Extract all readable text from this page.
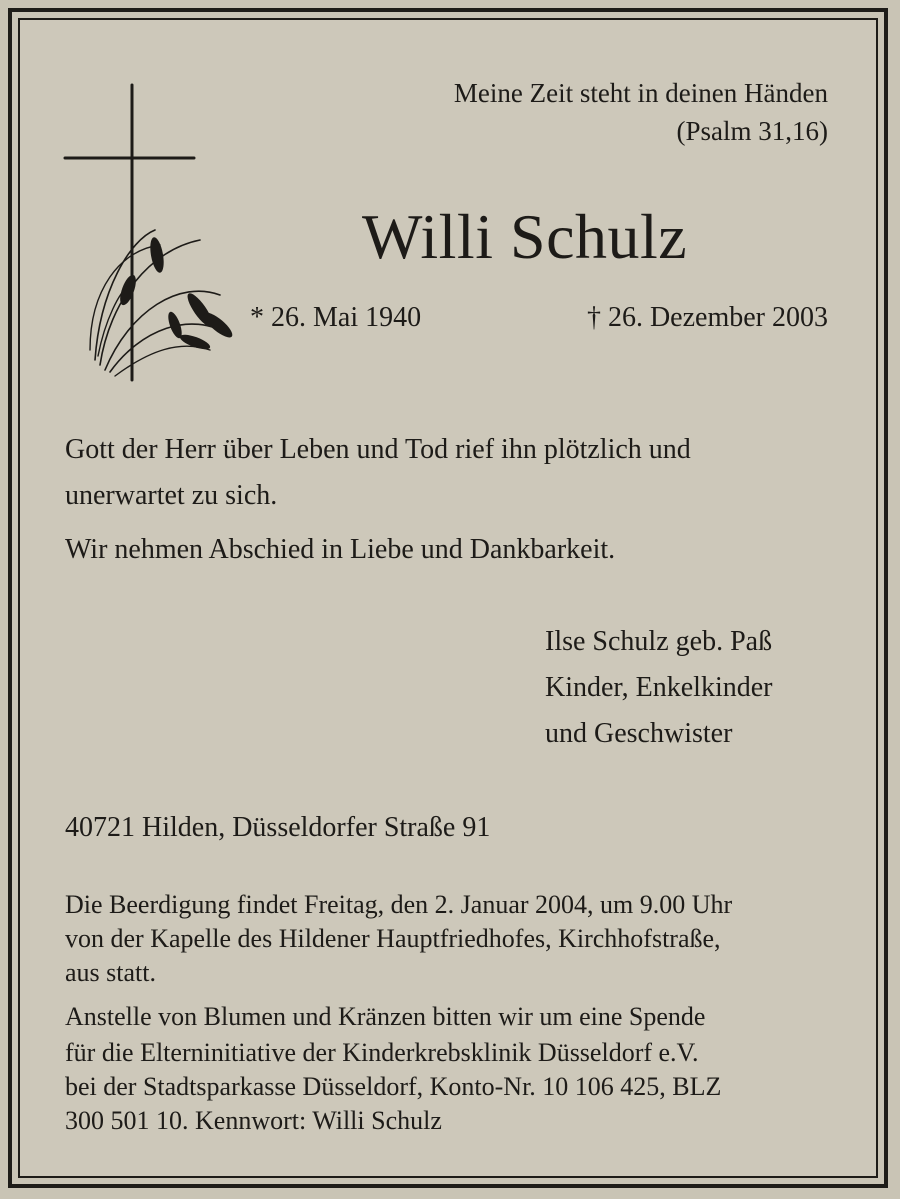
Meine Zeit steht in deinen Händen
(Psalm 31,16)
Willi Schulz
* 26. Mai 1940	† 26. Dezember 2003
Gott der Herr über Leben und Tod rief ihn plötzlich und
unerwartet zu sich.
Wir nehmen Abschied in Liebe und Dankbarkeit.
Ilse Schulz geb. Paß
Kinder, Enkelkinder
und Geschwister
40721 Hilden, Düsseldorfer Straße 91
Die Beerdigung findet Freitag, den 2. Januar 2004, um 9.00 Uhr
von der Kapelle des Hildener Hauptfriedhofes, Kirchhofstraße,
aus statt.
Anstelle von Blumen und Kränzen bitten wir um eine Spende
für die Elterninitiative der Kinderkrebsklinik Düsseldorf e.V.
bei der Stadtsparkasse Düsseldorf, Konto-Nr. 10 106 425, BLZ
300 501 10. Kennwort: Willi Schulz
